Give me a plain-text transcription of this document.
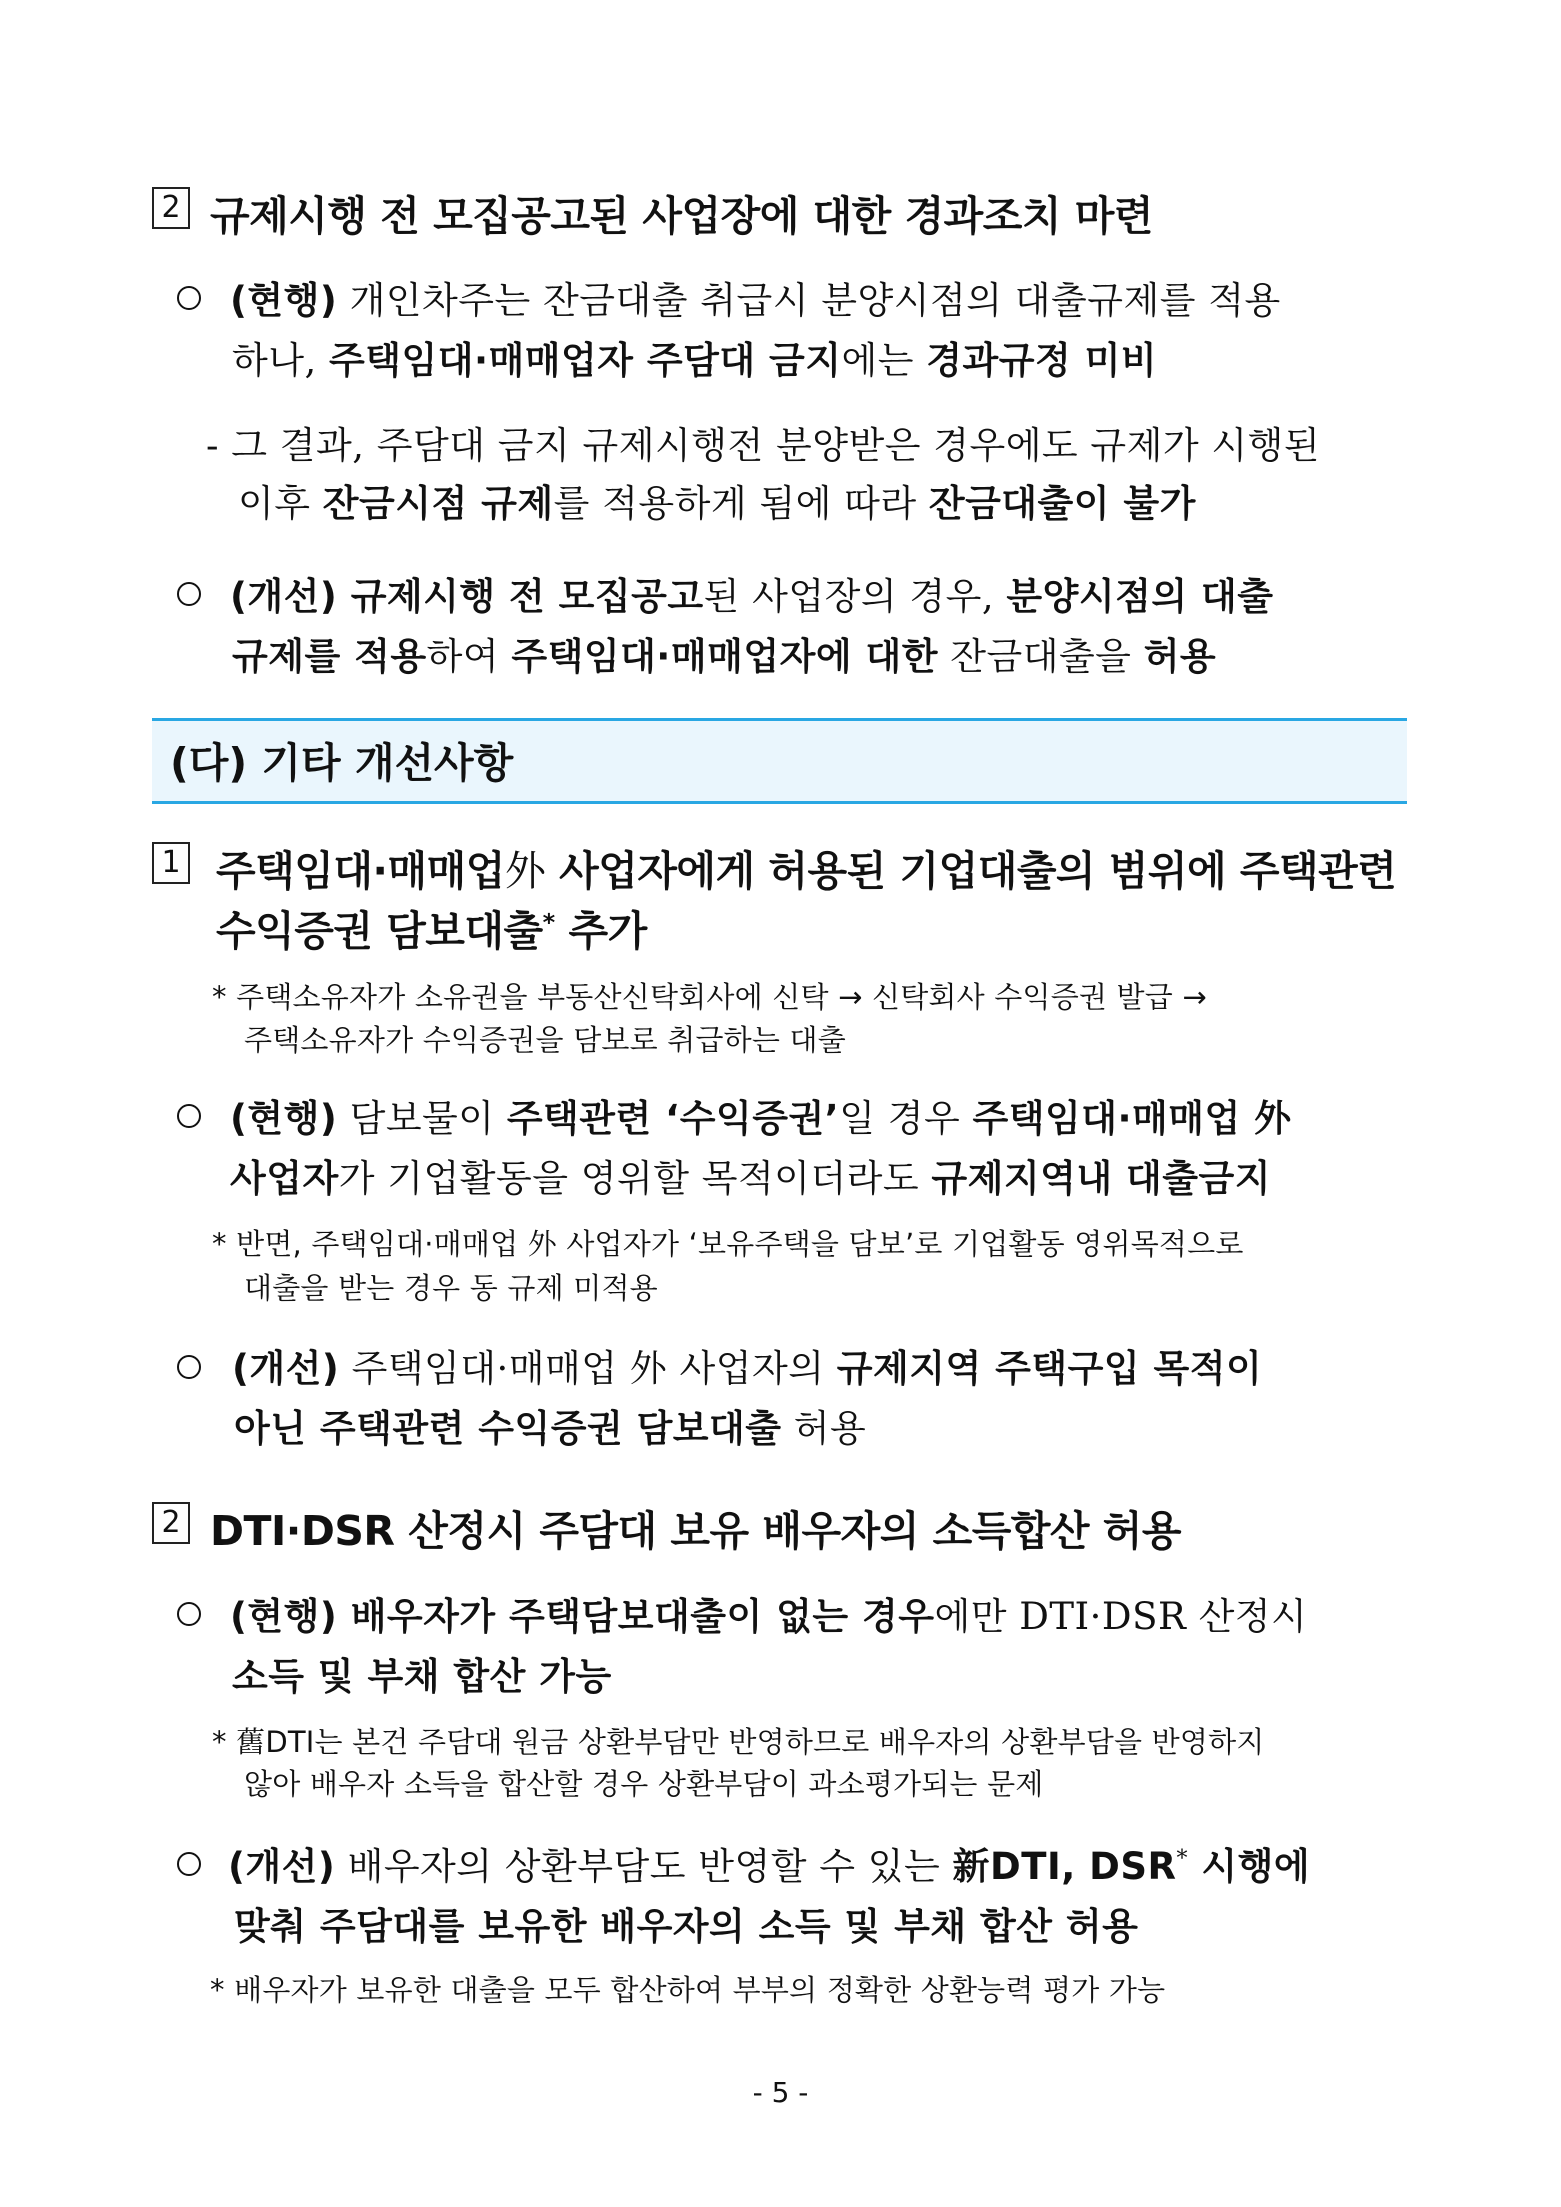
2 규제시행 전 모집공고된 사업장에 대한 경과조치 마련
(현행) 개인차주는 잔금대출 취급시 분양시점의 대출규제를 적용
하나, 주택임대·매매업자 주담대 금지에는 경과규정 미비
- 그 결과, 주담대 금지 규제시행전 분양받은 경우에도 규제가 시행된
이후 잔금시점 규제를 적용하게 됨에 따라 잔금대출이 불가
(개선) 규제시행 전 모집공고된 사업장의 경우, 분양시점의 대출
규제를 적용하여 주택임대·매매업자에 대한 잔금대출을 허용
(다) 기타 개선사항
1 주택임대·매매업外 사업자에게 허용된 기업대출의 범위에 주택관련
수익증권 담보대출* 추가
* 주택소유자가 소유권을 부동산신탁회사에 신탁 → 신탁회사 수익증권 발급 →
주택소유자가 수익증권을 담보로 취급하는 대출
(현행) 담보물이 주택관련 ‘수익증권’일 경우 주택임대·매매업 外
사업자가 기업활동을 영위할 목적이더라도 규제지역내 대출금지
* 반면, 주택임대·매매업 外 사업자가 ‘보유주택을 담보’로 기업활동 영위목적으로
대출을 받는 경우 동 규제 미적용
(개선) 주택임대·매매업 外 사업자의 규제지역 주택구입 목적이
아닌 주택관련 수익증권 담보대출 허용
2 DTI·DSR 산정시 주담대 보유 배우자의 소득합산 허용
(현행) 배우자가 주택담보대출이 없는 경우에만 DTI·DSR 산정시
소득 및 부채 합산 가능
* 舊DTI는 본건 주담대 원금 상환부담만 반영하므로 배우자의 상환부담을 반영하지
않아 배우자 소득을 합산할 경우 상환부담이 과소평가되는 문제
(개선) 배우자의 상환부담도 반영할 수 있는 新DTI, DSR* 시행에
맞춰 주담대를 보유한 배우자의 소득 및 부채 합산 허용
* 배우자가 보유한 대출을 모두 합산하여 부부의 정확한 상환능력 평가 가능
- 5 -
